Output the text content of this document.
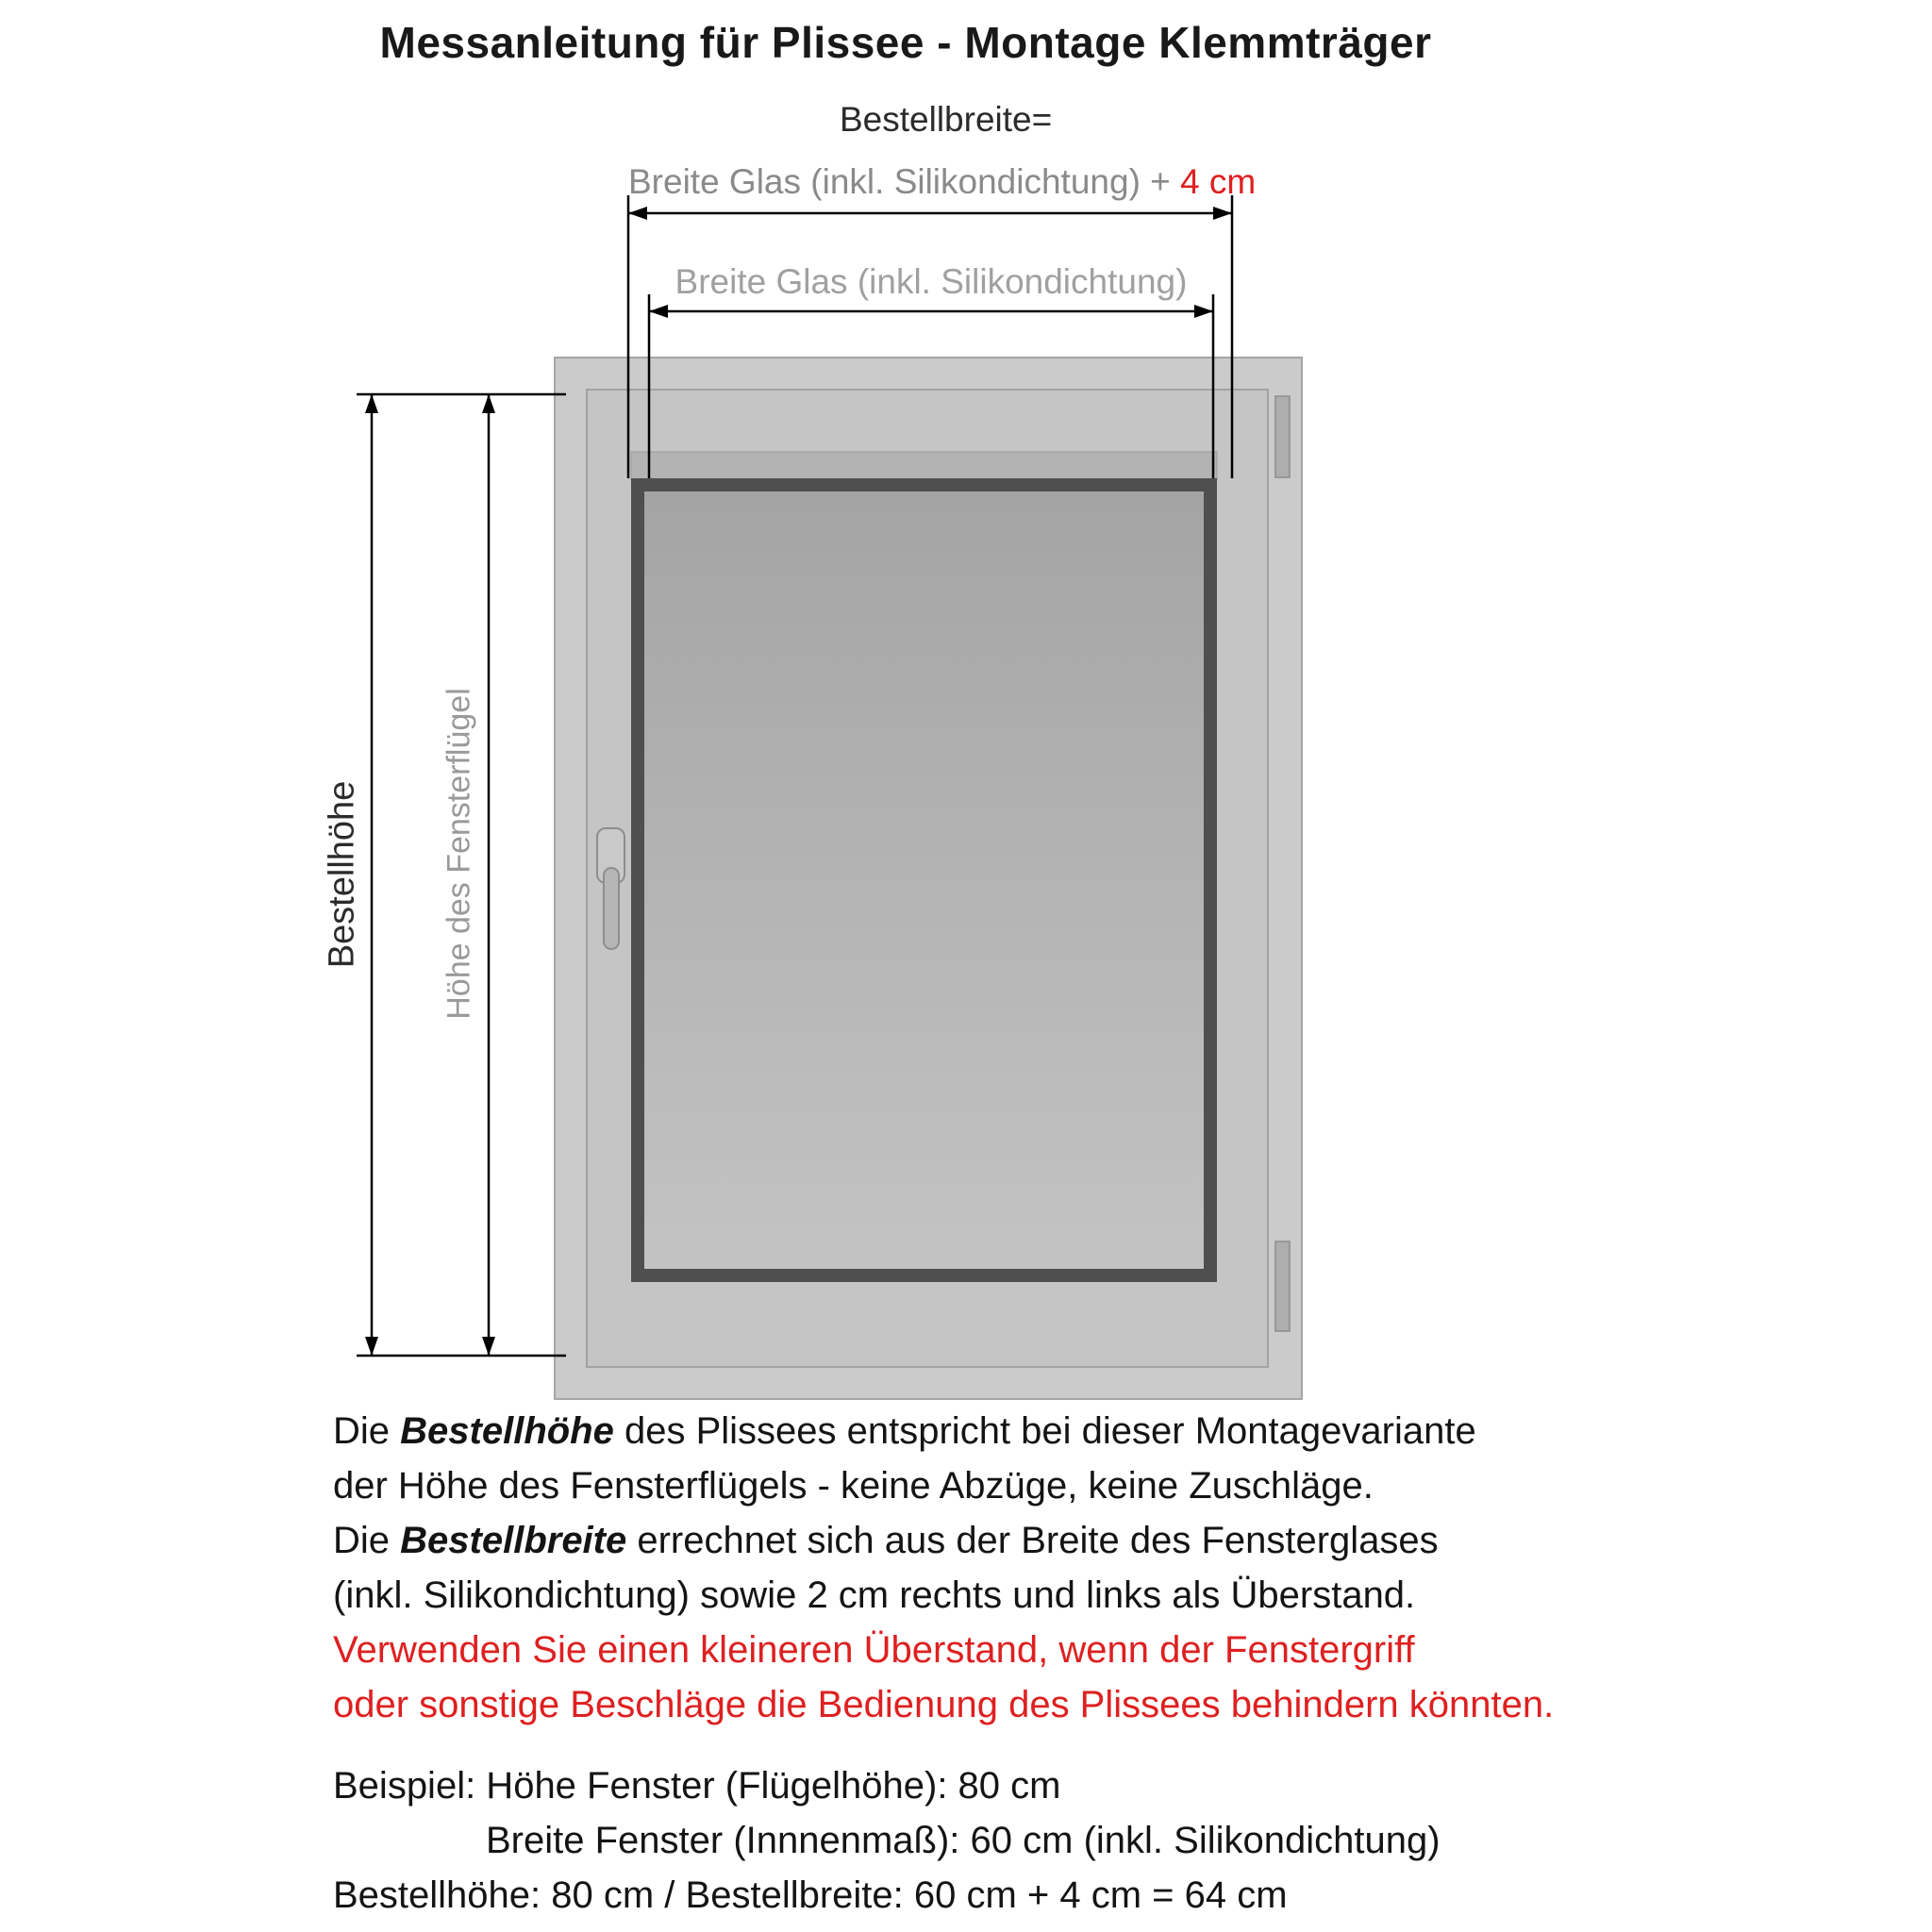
Messanleitung für Plissee - Montage Klemmträger
Bestellbreite=
Breite Glas (inkl. Silikondichtung) + 4 cm
Breite Glas (inkl. Silikondichtung)
Bestellhöhe Höhe des Fensterflügel

Die Bestellhöhe des Plissees entspricht bei dieser Montagevariante

der Höhe des Fensterflügels - keine Abzüge, keine Zuschläge.

Die Bestellbreite errechnet sich aus der Breite des Fensterglases

(inkl. Silikondichtung) sowie 2 cm rechts und links als Überstand.

Verwenden Sie einen kleineren Überstand, wenn der Fenstergriff

oder sonstige Beschläge die Bedienung des Plissees behindern könnten.

Beispiel: Höhe Fenster (Flügelhöhe): 80 cm

Breite Fenster (Innnenmaß): 60 cm (inkl. Silikondichtung)

Bestellhöhe: 80 cm / Bestellbreite: 60 cm + 4 cm = 64 cm
